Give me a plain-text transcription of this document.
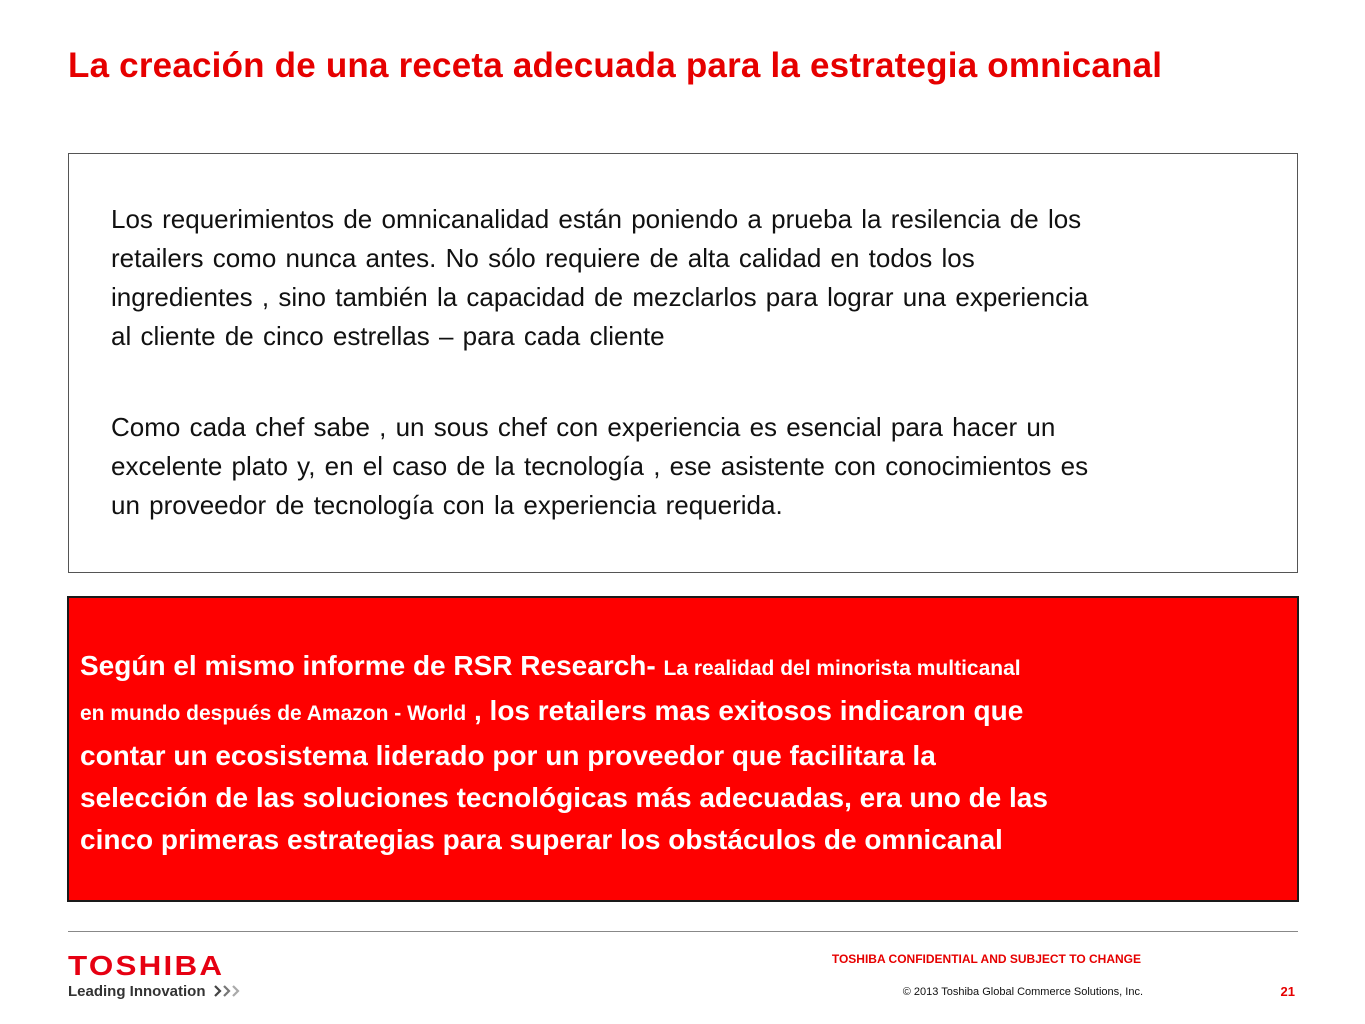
La creación de una receta adecuada para la estrategia omnicanal
Los requerimientos de omnicanalidad están poniendo a prueba la resilencia de los
retailers como nunca antes. No sólo requiere de alta calidad en todos los
ingredientes , sino también la capacidad de mezclarlos para lograr una experiencia
al cliente de cinco estrellas – para cada cliente
Como cada chef sabe , un sous chef con experiencia es esencial para hacer un
excelente plato y, en el caso de la tecnología , ese asistente con conocimientos es
un proveedor de tecnología con la experiencia requerida.
Según el mismo informe de RSR Research- La realidad del minorista multicanal
en mundo después de Amazon - World , los retailers mas exitosos indicaron que
contar un ecosistema liderado por un proveedor que facilitara la
selección de las soluciones tecnológicas más adecuadas, era uno de las
cinco primeras estrategias para superar los obstáculos de omnicanal
TOSHIBA
Leading Innovation
TOSHIBA CONFIDENTIAL AND SUBJECT TO CHANGE
© 2013 Toshiba Global Commerce Solutions, Inc.	21
